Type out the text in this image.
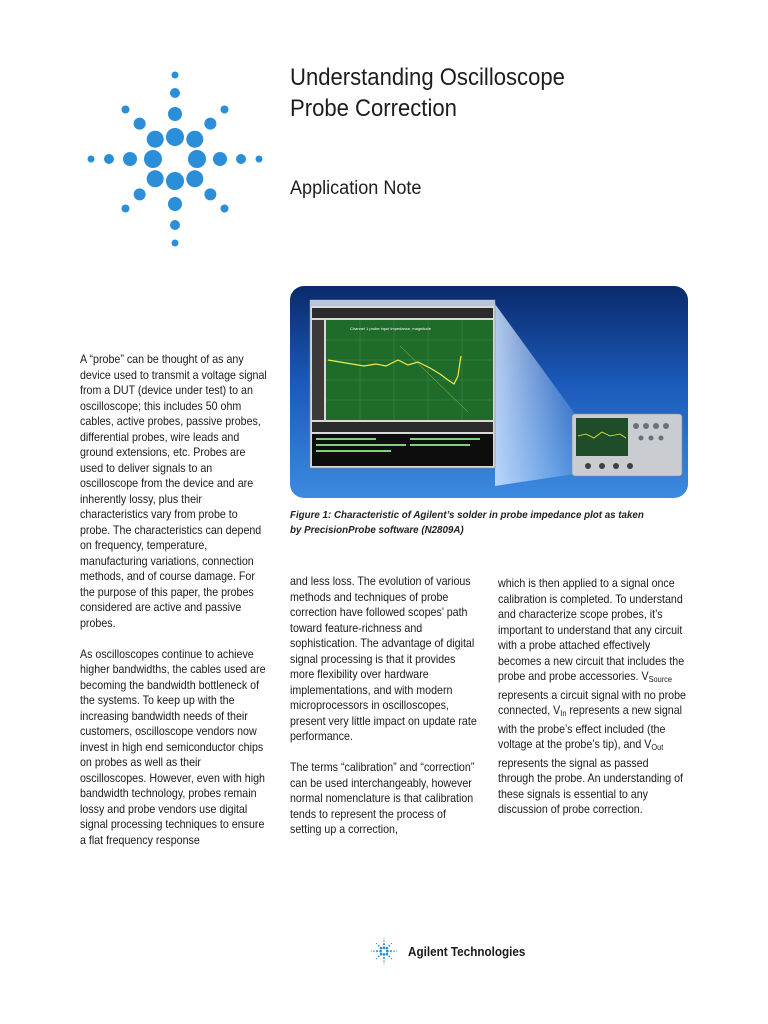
Understanding Oscilloscope
Probe Correction
Application Note
Channel 1 probe input impedance, magnitude
Figure 1: Characteristic of Agilent’s solder in probe impedance plot as taken
by PrecisionProbe software (N2809A)

A “probe” can be thought of as any device used to transmit a voltage signal from a DUT (device under test) to an oscilloscope; this includes 50 ohm cables, active probes, passive probes, differential probes, wire leads and ground extensions, etc. Probes are used to deliver signals to an oscilloscope from the device and are inherently lossy, plus their characteristics vary from probe to probe. The characteristics can depend on frequency, temperature, manufacturing variations, connection methods, and of course damage. For the purpose of this paper, the probes considered are active and passive probes.

As oscilloscopes continue to achieve higher bandwidths, the cables used are becoming the bandwidth bottleneck of the systems. To keep up with the increasing bandwidth needs of their customers, oscilloscope vendors now invest in high end semiconductor chips on probes as well as their oscilloscopes. However, even with high bandwidth technology, probes remain lossy and probe vendors use digital signal processing techniques to ensure a flat frequency response

and less loss. The evolution of various methods and techniques of probe correction have followed scopes’ path toward feature-richness and sophistication. The advantage of digital signal processing is that it provides more flexibility over hardware implementations, and with modern microprocessors in oscilloscopes, present very little impact on update rate performance.

The terms “calibration” and “correction” can be used interchangeably, however normal nomenclature is that calibration tends to represent the process of setting up a correction,

which is then applied to a signal once calibration is completed. To understand and characterize scope probes, it’s important to understand that any circuit with a probe attached effectively becomes a new circuit that includes the probe and probe accessories. $V_{Source}$ represents a circuit signal with no probe connected, $V_{In}$ represents a new signal with the probe’s effect included (the voltage at the probe’s tip), and $V_{Out}$ represents the signal as passed through the probe. An understanding of these signals is essential to any discussion of probe correction.

Agilent Technologies
